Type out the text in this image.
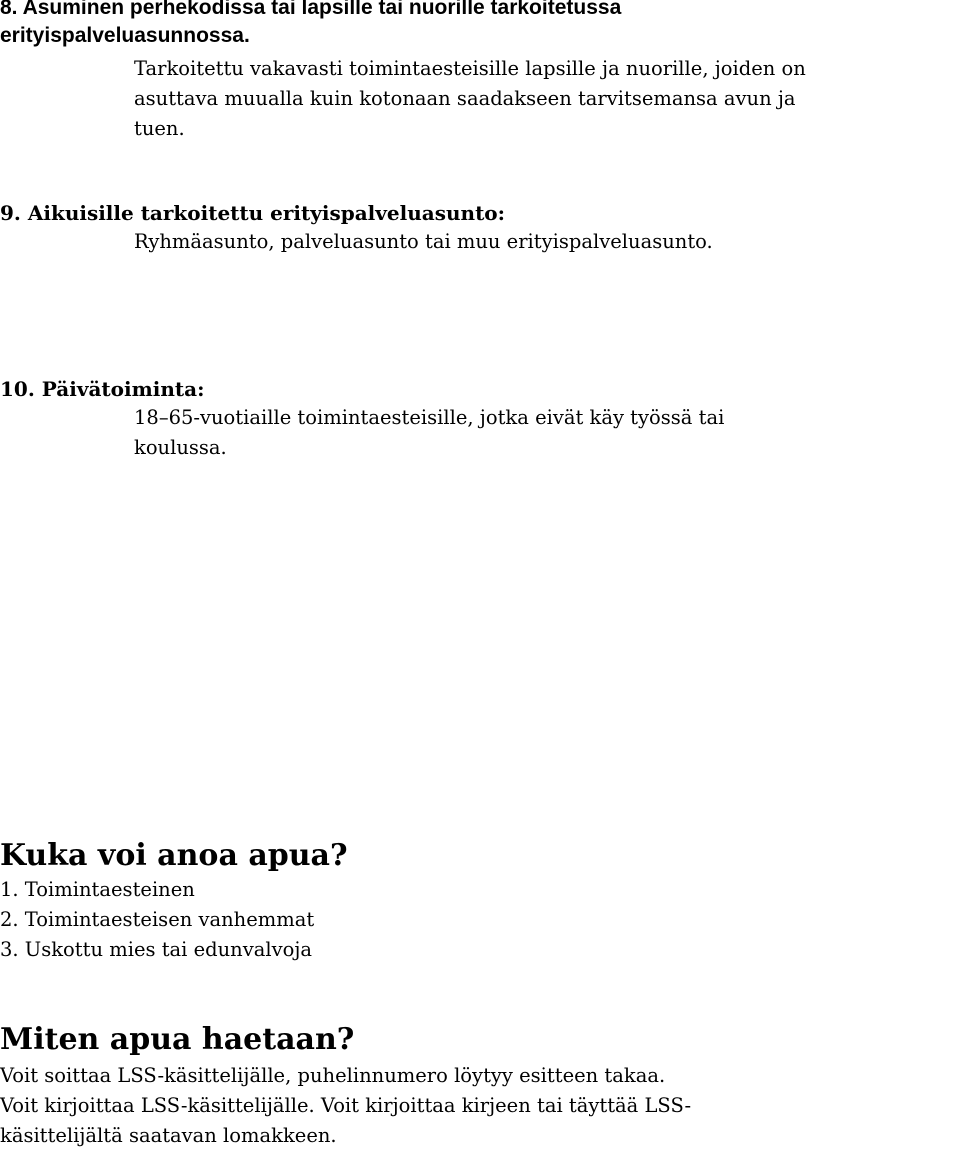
8. Asuminen perhekodissa tai lapsille tai nuorille tarkoitetussa
erityispalveluasunnossa.

Tarkoitettu vakavasti toimintaesteisille lapsille ja nuorille, joiden on
asuttava muualla kuin kotonaan saadakseen tarvitsemansa avun ja
tuen.

9. Aikuisille tarkoitettu erityispalveluasunto:

Ryhmäasunto, palveluasunto tai muu erityispalveluasunto.

10. Päivätoiminta:

18–65-vuotiaille toimintaesteisille, jotka eivät käy työssä tai
koulussa.

Kuka voi anoa apua?

1. Toimintaesteinen

2. Toimintaesteisen vanhemmat

3. Uskottu mies tai edunvalvoja

Miten apua haetaan?

Voit soittaa LSS-käsittelijälle, puhelinnumero löytyy esitteen takaa.
Voit kirjoittaa LSS-käsittelijälle. Voit kirjoittaa kirjeen tai täyttää LSS-
käsittelijältä saatavan lomakkeen.
